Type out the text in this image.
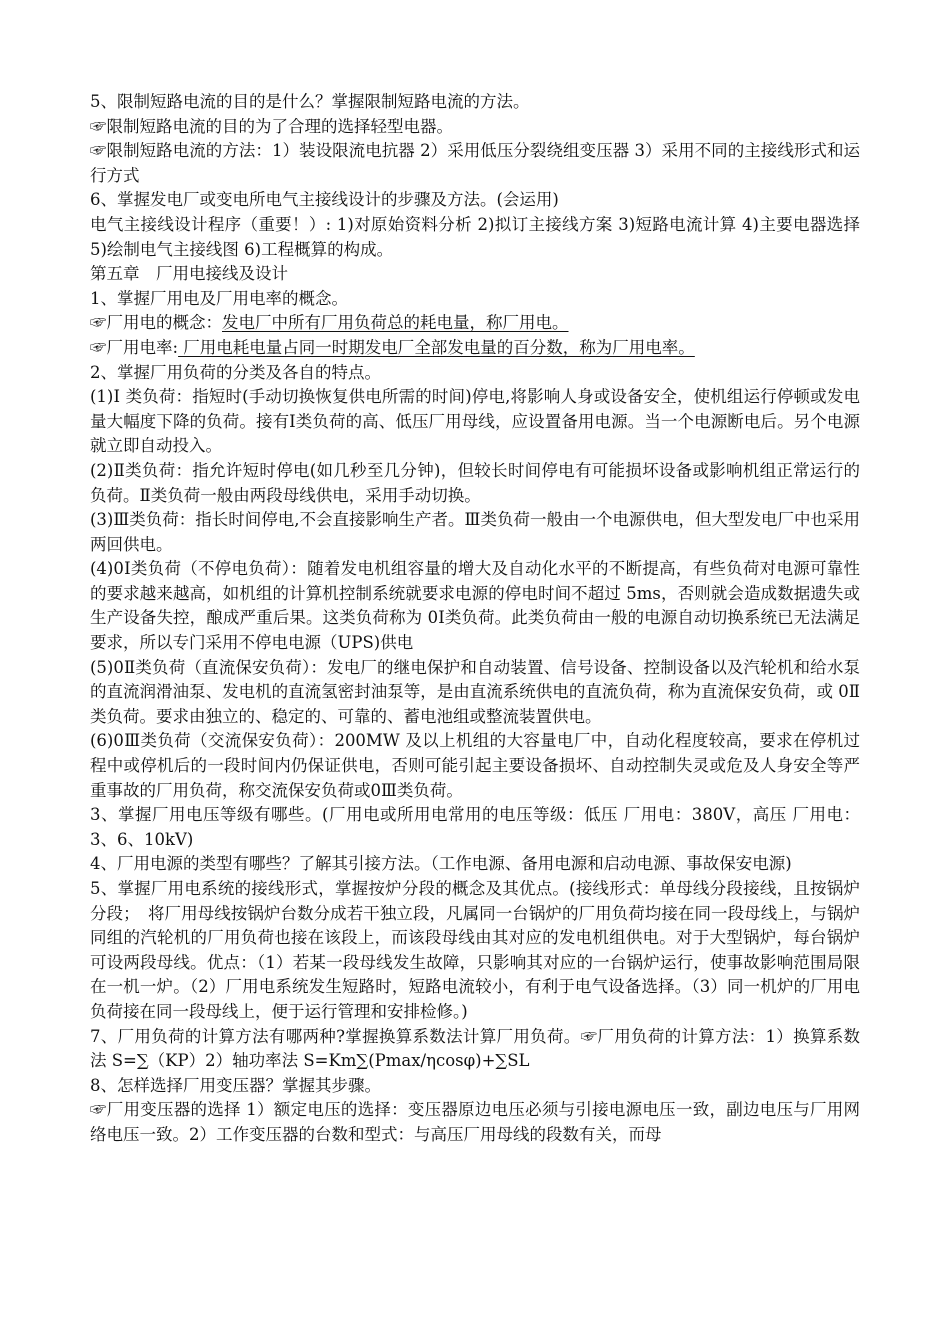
5、限制短路电流的目的是什么？掌握限制短路电流的方法。

☞限制短路电流的目的为了合理的选择轻型电器。

☞限制短路电流的方法：1）装设限流电抗器 2）采用低压分裂绕组变压器 3）采用不同的主接线形式和运行方式

6、掌握发电厂或变电所电气主接线设计的步骤及方法。(会运用)

电气主接线设计程序（重要！）: 1)对原始资料分析 2)拟订主接线方案 3)短路电流计算 4)主要电器选择 5)绘制电气主接线图 6)工程概算的构成。

第五章　厂用电接线及设计

1、掌握厂用电及厂用电率的概念。

☞厂用电的概念：发电厂中所有厂用负荷总的耗电量，称厂用电。

☞厂用电率: 厂用电耗电量占同一时期发电厂全部发电量的百分数，称为厂用电率。

2、掌握厂用负荷的分类及各自的特点。

(1)Ⅰ 类负荷：指短时(手动切换恢复供电所需的时间)停电,将影响人身或设备安全，使机组运行停顿或发电量大幅度下降的负荷。接有Ⅰ类负荷的高、低压厂用母线，应设置备用电源。当一个电源断电后。另个电源就立即自动投入。

(2)Ⅱ类负荷：指允许短时停电(如几秒至几分钟)，但较长时间停电有可能损坏设备或影响机组正常运行的负荷。Ⅱ类负荷一般由两段母线供电，采用手动切换。

(3)Ⅲ类负荷：指长时间停电,不会直接影响生产者。Ⅲ类负荷一般由一个电源供电，但大型发电厂中也采用两回供电。

(4)0Ⅰ类负荷（不停电负荷）：随着发电机组容量的增大及自动化水平的不断提高，有些负荷对电源可靠性的要求越来越高，如机组的计算机控制系统就要求电源的停电时间不超过 5ms，否则就会造成数据遗失或生产设备失控，酿成严重后果。这类负荷称为 0Ⅰ类负荷。此类负荷由一般的电源自动切换系统已无法满足要求，所以专门采用不停电电源（UPS)供电

(5)0Ⅱ类负荷（直流保安负荷）：发电厂的继电保护和自动装置、信号设备、控制设备以及汽轮机和给水泵的直流润滑油泵、发电机的直流氢密封油泵等，是由直流系统供电的直流负荷，称为直流保安负荷，或 0Ⅱ类负荷。要求由独立的、稳定的、可靠的、蓄电池组或整流装置供电。

(6)0Ⅲ类负荷（交流保安负荷）：200MW 及以上机组的大容量电厂中，自动化程度较高，要求在停机过程中或停机后的一段时间内仍保证供电，否则可能引起主要设备损坏、自动控制失灵或危及人身安全等严重事故的厂用负荷，称交流保安负荷或0Ⅲ类负荷。

3、掌握厂用电压等级有哪些。(厂用电或所用电常用的电压等级：低压 厂用电：380V，高压 厂用电：3、6、10kV)

4、厂用电源的类型有哪些？了解其引接方法。（工作电源、备用电源和启动电源、事故保安电源)

5、掌握厂用电系统的接线形式，掌握按炉分段的概念及其优点。(接线形式：单母线分段接线，且按锅炉分段；　将厂用母线按锅炉台数分成若干独立段，凡属同一台锅炉的厂用负荷均接在同一段母线上，与锅炉同组的汽轮机的厂用负荷也接在该段上，而该段母线由其对应的发电机组供电。对于大型锅炉，每台锅炉可设两段母线。优点：（1）若某一段母线发生故障，只影响其对应的一台锅炉运行，使事故影响范围局限在一机一炉。（2）厂用电系统发生短路时，短路电流较小，有利于电气设备选择。（3）同一机炉的厂用电负荷接在同一段母线上，便于运行管理和安排检修。)

7、厂用负荷的计算方法有哪两种?掌握换算系数法计算厂用负荷。☞厂用负荷的计算方法：1）换算系数法 S=∑（KP）2）轴功率法 S=Km∑(Pmax/ηcosφ)+∑SL

8、怎样选择厂用变压器？掌握其步骤。

☞厂用变压器的选择 1）额定电压的选择：变压器原边电压必须与引接电源电压一致，副边电压与厂用网络电压一致。2）工作变压器的台数和型式：与高压厂用母线的段数有关，而母
